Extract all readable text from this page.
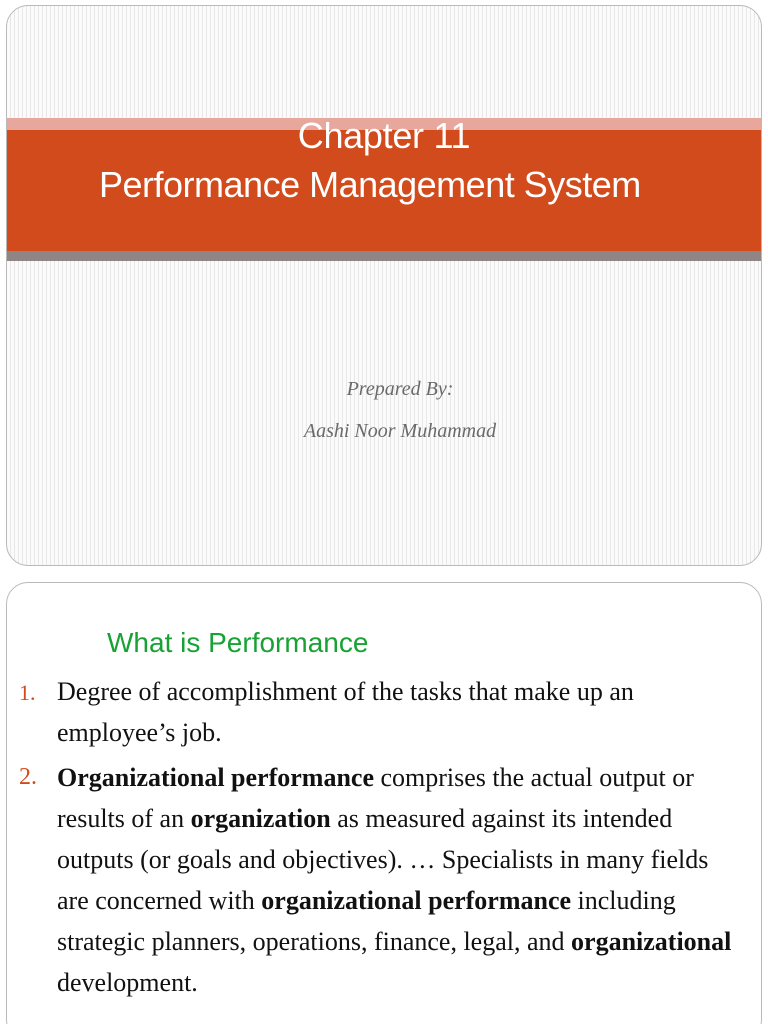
Chapter 11
Performance Management System
Prepared By:
Aashi Noor Muhammad
What is Performance
1. Degree of accomplishment of the tasks that make up an employee’s job.
2. Organizational performance comprises the actual output or results of an organization as measured against its intended outputs (or goals and objectives). … Specialists in many fields are concerned with organizational performance including strategic planners, operations, finance, legal, and organizational development.
